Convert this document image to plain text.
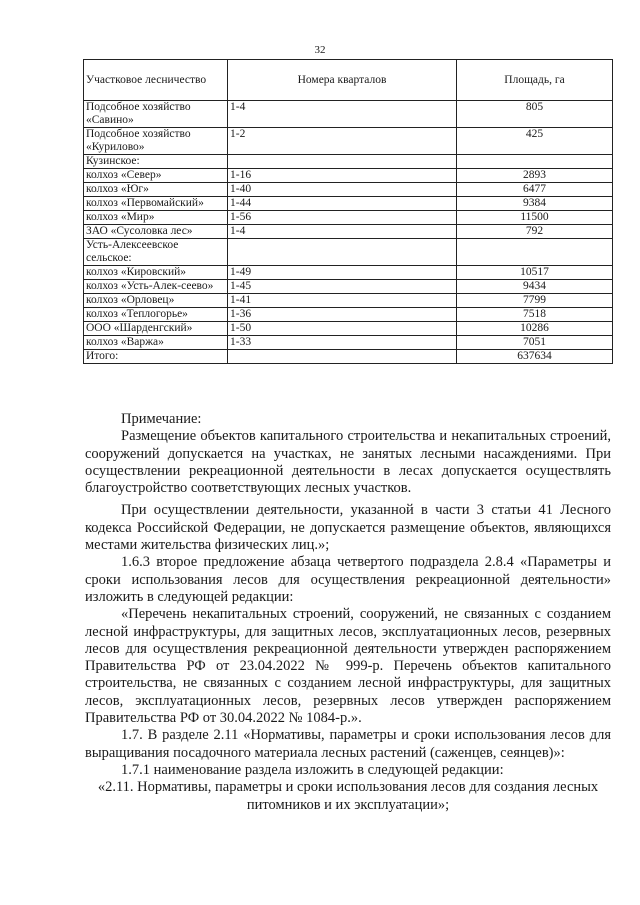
32
Участковое лесничество	Номера кварталов	Площадь, га
Подсобное хозяйство «Савино»	1-4	805
Подсобное хозяйство «Курилово»	1-2	425
Кузинское:		
колхоз «Север»	1-16	2893
колхоз «Юг»	1-40	6477
колхоз «Первомайский»	1-44	9384
колхоз «Мир»	1-56	11500
ЗАО «Сусоловка лес»	1-4	792
Усть-Алексеевское сельское:		
колхоз «Кировский»	1-49	10517
колхоз «Усть-Алек-сеево»	1-45	9434
колхоз «Орловец»	1-41	7799
колхоз «Теплогорье»	1-36	7518
ООО «Шарденгский»	1-50	10286
колхоз «Варжа»	1-33	7051
Итого:		637634

Примечание:

Размещение объектов капитального строительства и некапитальных строений, сооружений допускается на участках, не занятых лесными насаждениями. При осуществлении рекреационной деятельности в лесах допускается осуществлять благоустройство соответствующих лесных участков.

При осуществлении деятельности, указанной в части 3 статьи 41 Лесного кодекса Российской Федерации, не допускается размещение объектов, являющихся местами жительства физических лиц.»;

1.6.3 второе предложение абзаца четвертого подраздела 2.8.4 «Параметры и сроки использования лесов для осуществления рекреационной деятельности» изложить в следующей редакции:

«Перечень некапитальных строений, сооружений, не связанных с созданием лесной инфраструктуры, для защитных лесов, эксплуатационных лесов, резервных лесов для осуществления рекреационной деятельности утвержден распоряжением Правительства РФ от 23.04.2022 № 999-р. Перечень объектов капитального строительства, не связанных с созданием лесной инфраструктуры, для защитных лесов, эксплуатационных лесов, резервных лесов утвержден распоряжением Правительства РФ от 30.04.2022 № 1084-р.».

1.7. В разделе 2.11 «Нормативы, параметры и сроки использования лесов для выращивания посадочного материала лесных растений (саженцев, сеянцев)»:

1.7.1 наименование раздела изложить в следующей редакции:

«2.11. Нормативы, параметры и сроки использования лесов для создания лесных питомников и их эксплуатации»;
